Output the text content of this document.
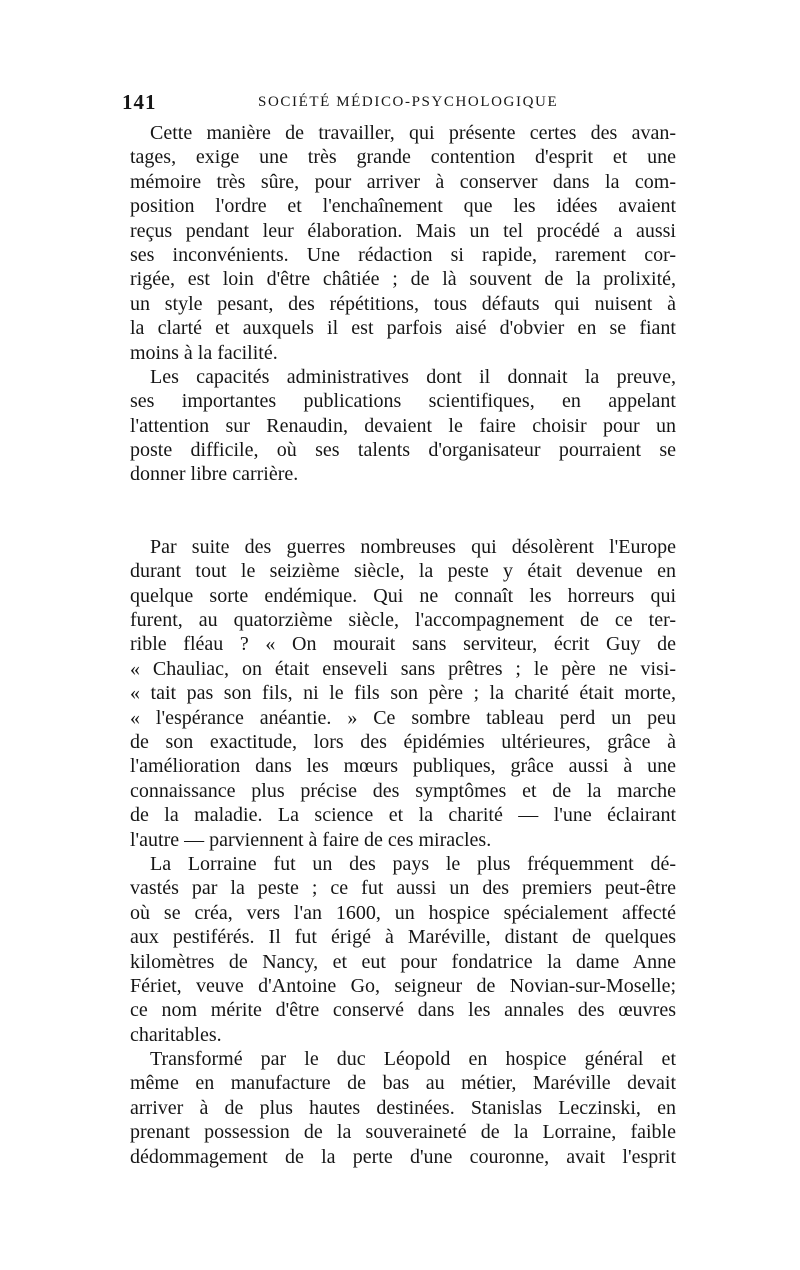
141	SOCIÉTÉ MÉDICO-PSYCHOLOGIQUE
Cette manière de travailler, qui présente certes des avan-
tages, exige une très grande contention d'esprit et une
mémoire très sûre, pour arriver à conserver dans la com-
position l'ordre et l'enchaînement que les idées avaient
reçus pendant leur élaboration. Mais un tel procédé a aussi
ses inconvénients. Une rédaction si rapide, rarement cor-
rigée, est loin d'être châtiée ; de là souvent de la prolixité,
un style pesant, des répétitions, tous défauts qui nuisent à
la clarté et auxquels il est parfois aisé d'obvier en se fiant
moins à la facilité.
Les capacités administratives dont il donnait la preuve,
ses importantes publications scientifiques, en appelant
l'attention sur Renaudin, devaient le faire choisir pour un
poste difficile, où ses talents d'organisateur pourraient se
donner libre carrière.
Par suite des guerres nombreuses qui désolèrent l'Europe
durant tout le seizième siècle, la peste y était devenue en
quelque sorte endémique. Qui ne connaît les horreurs qui
furent, au quatorzième siècle, l'accompagnement de ce ter-
rible fléau ? « On mourait sans serviteur, écrit Guy de
« Chauliac, on était enseveli sans prêtres ; le père ne visi-
« tait pas son fils, ni le fils son père ; la charité était morte,
« l'espérance anéantie. » Ce sombre tableau perd un peu
de son exactitude, lors des épidémies ultérieures, grâce à
l'amélioration dans les mœurs publiques, grâce aussi à une
connaissance plus précise des symptômes et de la marche
de la maladie. La science et la charité — l'une éclairant
l'autre — parviennent à faire de ces miracles.
La Lorraine fut un des pays le plus fréquemment dé-
vastés par la peste ; ce fut aussi un des premiers peut-être
où se créa, vers l'an 1600, un hospice spécialement affecté
aux pestiférés. Il fut érigé à Maréville, distant de quelques
kilomètres de Nancy, et eut pour fondatrice la dame Anne
Fériet, veuve d'Antoine Go, seigneur de Novian-sur-Moselle;
ce nom mérite d'être conservé dans les annales des œuvres
charitables.
Transformé par le duc Léopold en hospice général et
même en manufacture de bas au métier, Maréville devait
arriver à de plus hautes destinées. Stanislas Leczinski, en
prenant possession de la souveraineté de la Lorraine, faible
dédommagement de la perte d'une couronne, avait l'esprit
